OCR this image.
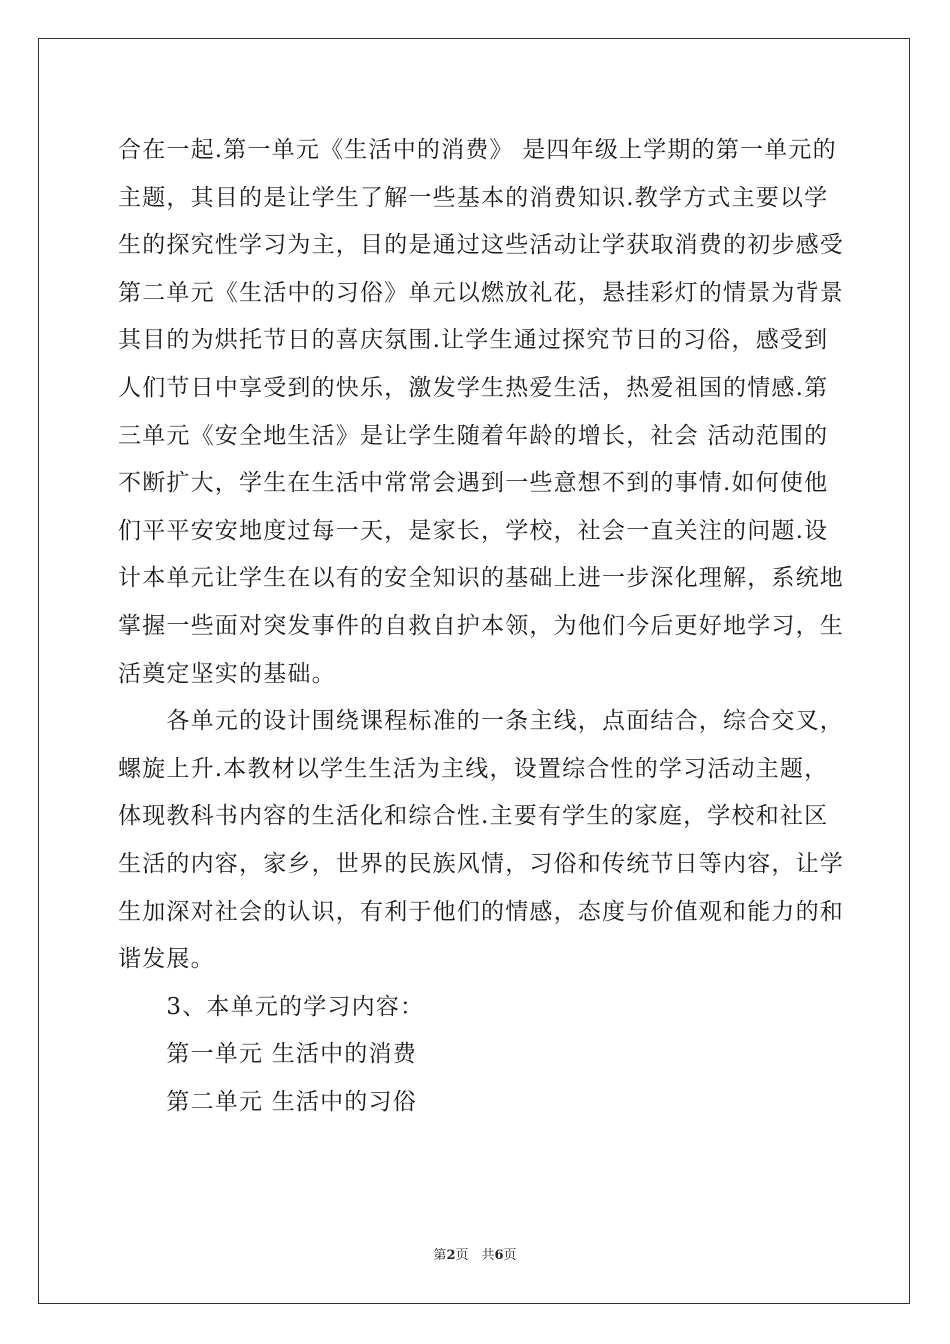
合在一起.第一单元《生活中的消费》 是四年级上学期的第一单元的
主题，其目的是让学生了解一些基本的消费知识.教学方式主要以学
生的探究性学习为主，目的是通过这些活动让学获取消费的初步感受
第二单元《生活中的习俗》单元以燃放礼花，悬挂彩灯的情景为背景
其目的为烘托节日的喜庆氛围.让学生通过探究节日的习俗，感受到
人们节日中享受到的快乐，激发学生热爱生活，热爱祖国的情感.第
三单元《安全地生活》是让学生随着年龄的增长，社会 活动范围的
不断扩大，学生在生活中常常会遇到一些意想不到的事情.如何使他
们平平安安地度过每一天，是家长，学校，社会一直关注的问题.设
计本单元让学生在以有的安全知识的基础上进一步深化理解，系统地
掌握一些面对突发事件的自救自护本领，为他们今后更好地学习，生
活奠定坚实的基础。
　　各单元的设计围绕课程标准的一条主线，点面结合，综合交叉，
螺旋上升.本教材以学生生活为主线，设置综合性的学习活动主题，
体现教科书内容的生活化和综合性.主要有学生的家庭，学校和社区
生活的内容，家乡，世界的民族风情，习俗和传统节日等内容，让学
生加深对社会的认识，有利于他们的情感，态度与价值观和能力的和
谐发展。
　　3、本单元的学习内容：
　　第一单元 生活中的消费
　　第二单元 生活中的习俗
第2页　共6页
